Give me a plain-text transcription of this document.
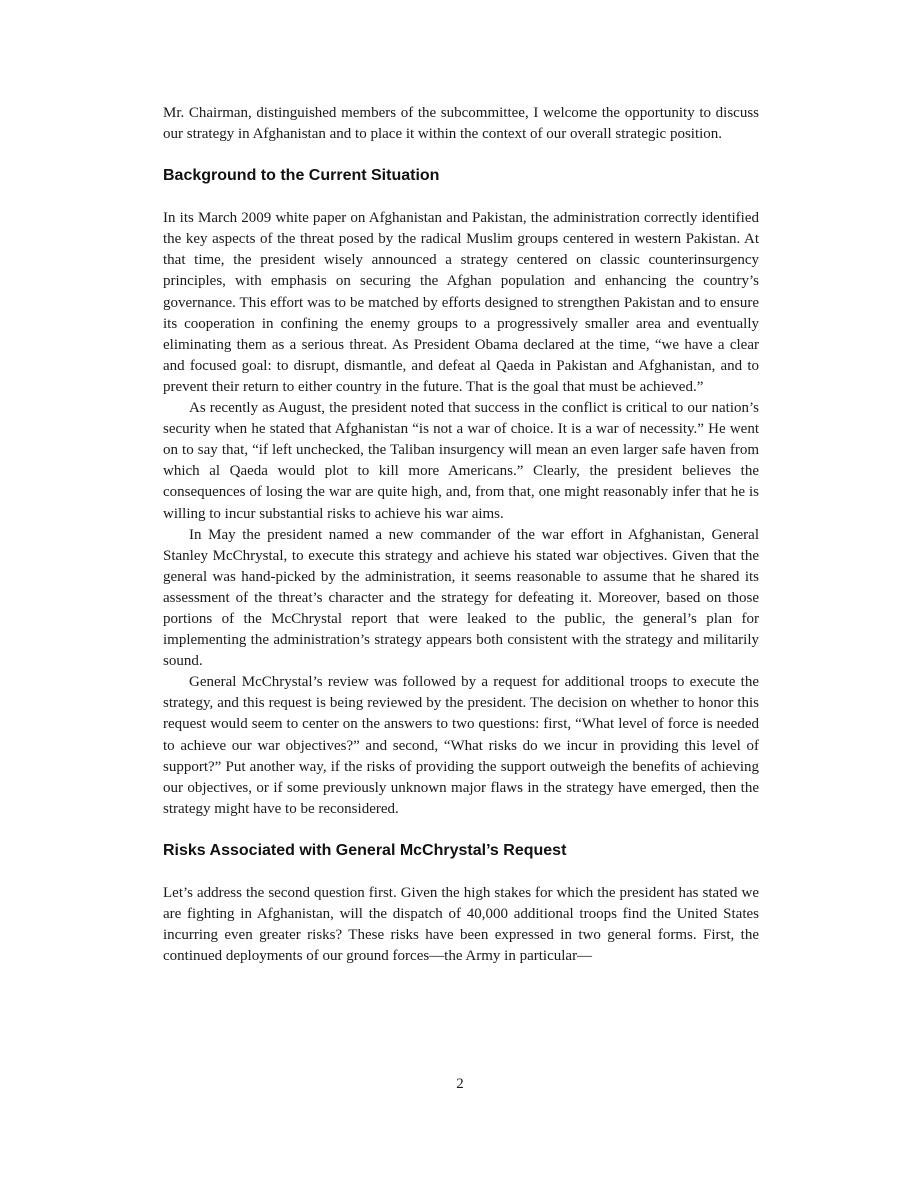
Mr. Chairman, distinguished members of the subcommittee, I welcome the opportunity to discuss our strategy in Afghanistan and to place it within the context of our overall strategic position.

Background to the Current Situation

In its March 2009 white paper on Afghanistan and Pakistan, the administration correctly identified the key aspects of the threat posed by the radical Muslim groups centered in western Pakistan. At that time, the president wisely announced a strategy centered on classic counterinsurgency principles, with emphasis on securing the Afghan population and enhancing the country’s governance. This effort was to be matched by efforts designed to strengthen Pakistan and to ensure its cooperation in confining the enemy groups to a progressively smaller area and eventually eliminating them as a serious threat. As President Obama declared at the time, “we have a clear and focused goal: to disrupt, dismantle, and defeat al Qaeda in Pakistan and Afghanistan, and to prevent their return to either country in the future. That is the goal that must be achieved.”

As recently as August, the president noted that success in the conflict is critical to our nation’s security when he stated that Afghanistan “is not a war of choice. It is a war of necessity.” He went on to say that, “if left unchecked, the Taliban insurgency will mean an even larger safe haven from which al Qaeda would plot to kill more Americans.” Clearly, the president believes the consequences of losing the war are quite high, and, from that, one might reasonably infer that he is willing to incur substantial risks to achieve his war aims.

In May the president named a new commander of the war effort in Afghanistan, General Stanley McChrystal, to execute this strategy and achieve his stated war objectives. Given that the general was hand-picked by the administration, it seems reasonable to assume that he shared its assessment of the threat’s character and the strategy for defeating it. Moreover, based on those portions of the McChrystal report that were leaked to the public, the general’s plan for implementing the administration’s strategy appears both consistent with the strategy and militarily sound.

General McChrystal’s review was followed by a request for additional troops to execute the strategy, and this request is being reviewed by the president. The decision on whether to honor this request would seem to center on the answers to two questions: first, “What level of force is needed to achieve our war objectives?” and second, “What risks do we incur in providing this level of support?” Put another way, if the risks of providing the support outweigh the benefits of achieving our objectives, or if some previously unknown major flaws in the strategy have emerged, then the strategy might have to be reconsidered.

Risks Associated with General McChrystal’s Request

Let’s address the second question first. Given the high stakes for which the president has stated we are fighting in Afghanistan, will the dispatch of 40,000 additional troops find the United States incurring even greater risks? These risks have been expressed in two general forms. First, the continued deployments of our ground forces—the Army in particular—

2
